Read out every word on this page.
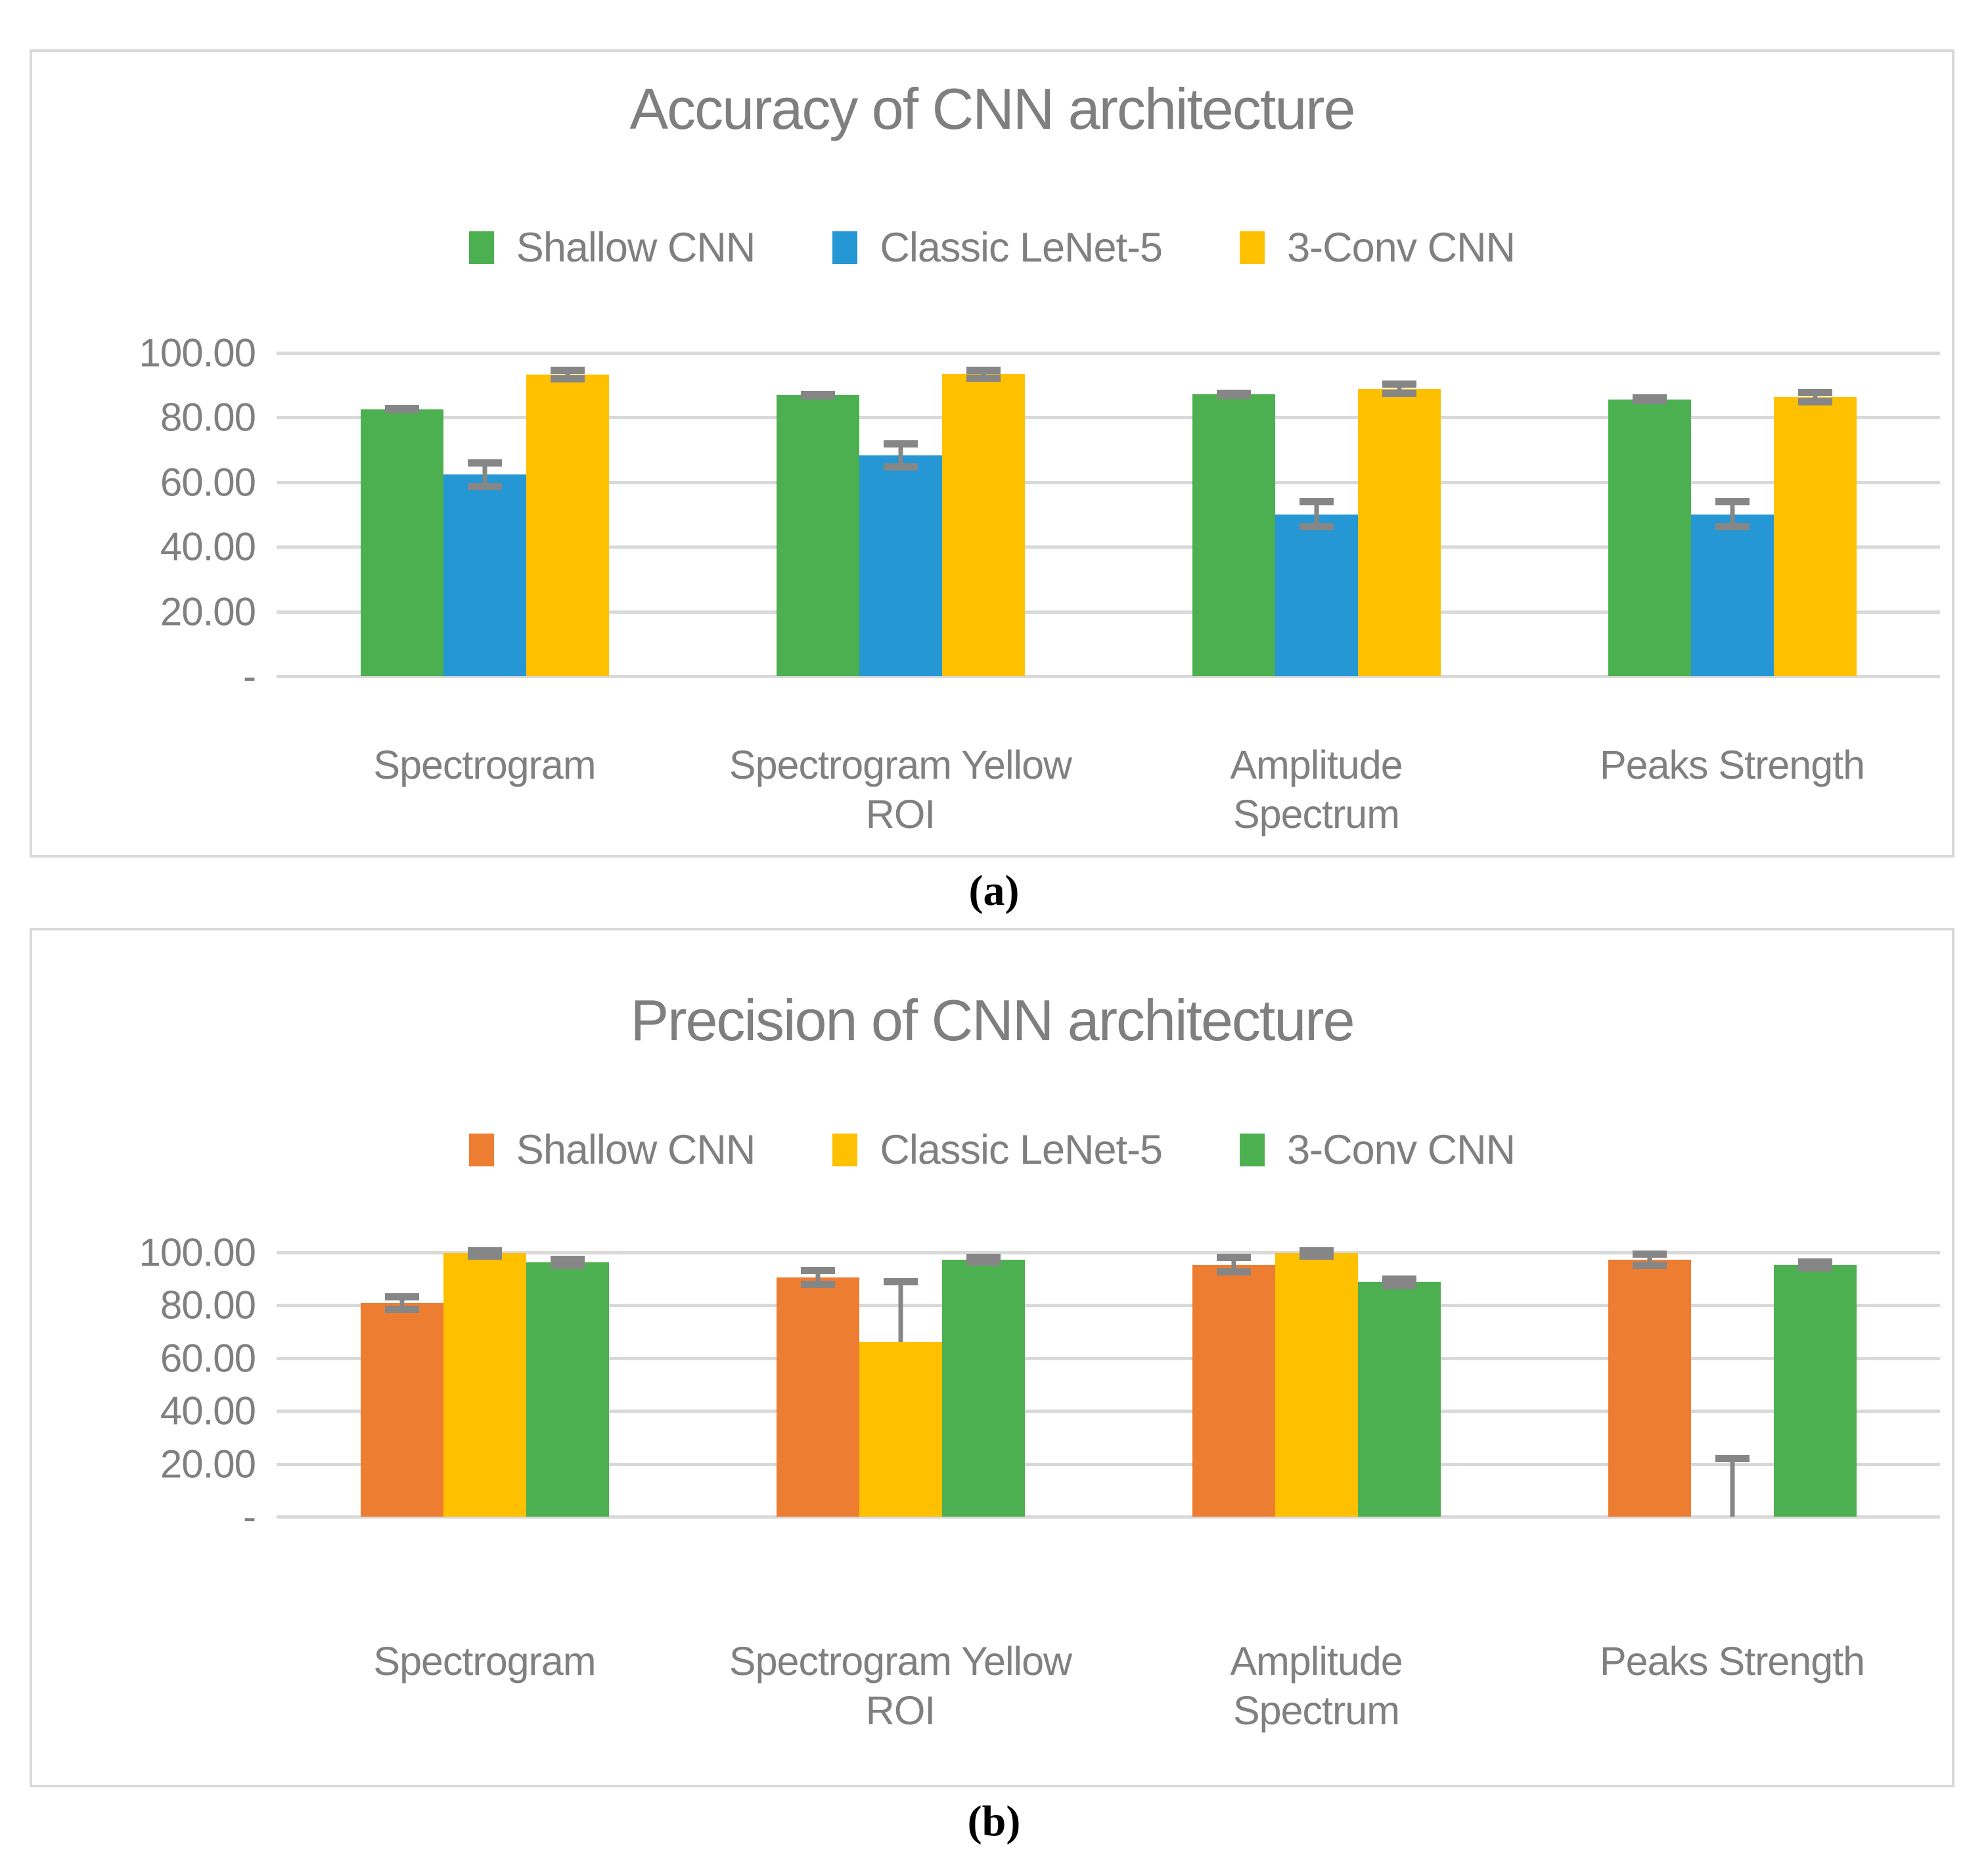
Accuracy of CNN architecture
Shallow CNN	Classic LeNet-5	3-Conv CNN
100.00
80.00
60.00
40.00
20.00
-
Spectrogram	Spectrogram Yellow
ROI
Amplitude
Spectrum
Peaks Strength
(a)
Precision of CNN architecture
Shallow CNN	Classic LeNet-5	3-Conv CNN
100.00
80.00
60.00
40.00
20.00
-
Spectrogram	Spectrogram Yellow
ROI
Amplitude
Spectrum
Peaks Strength
(b)
